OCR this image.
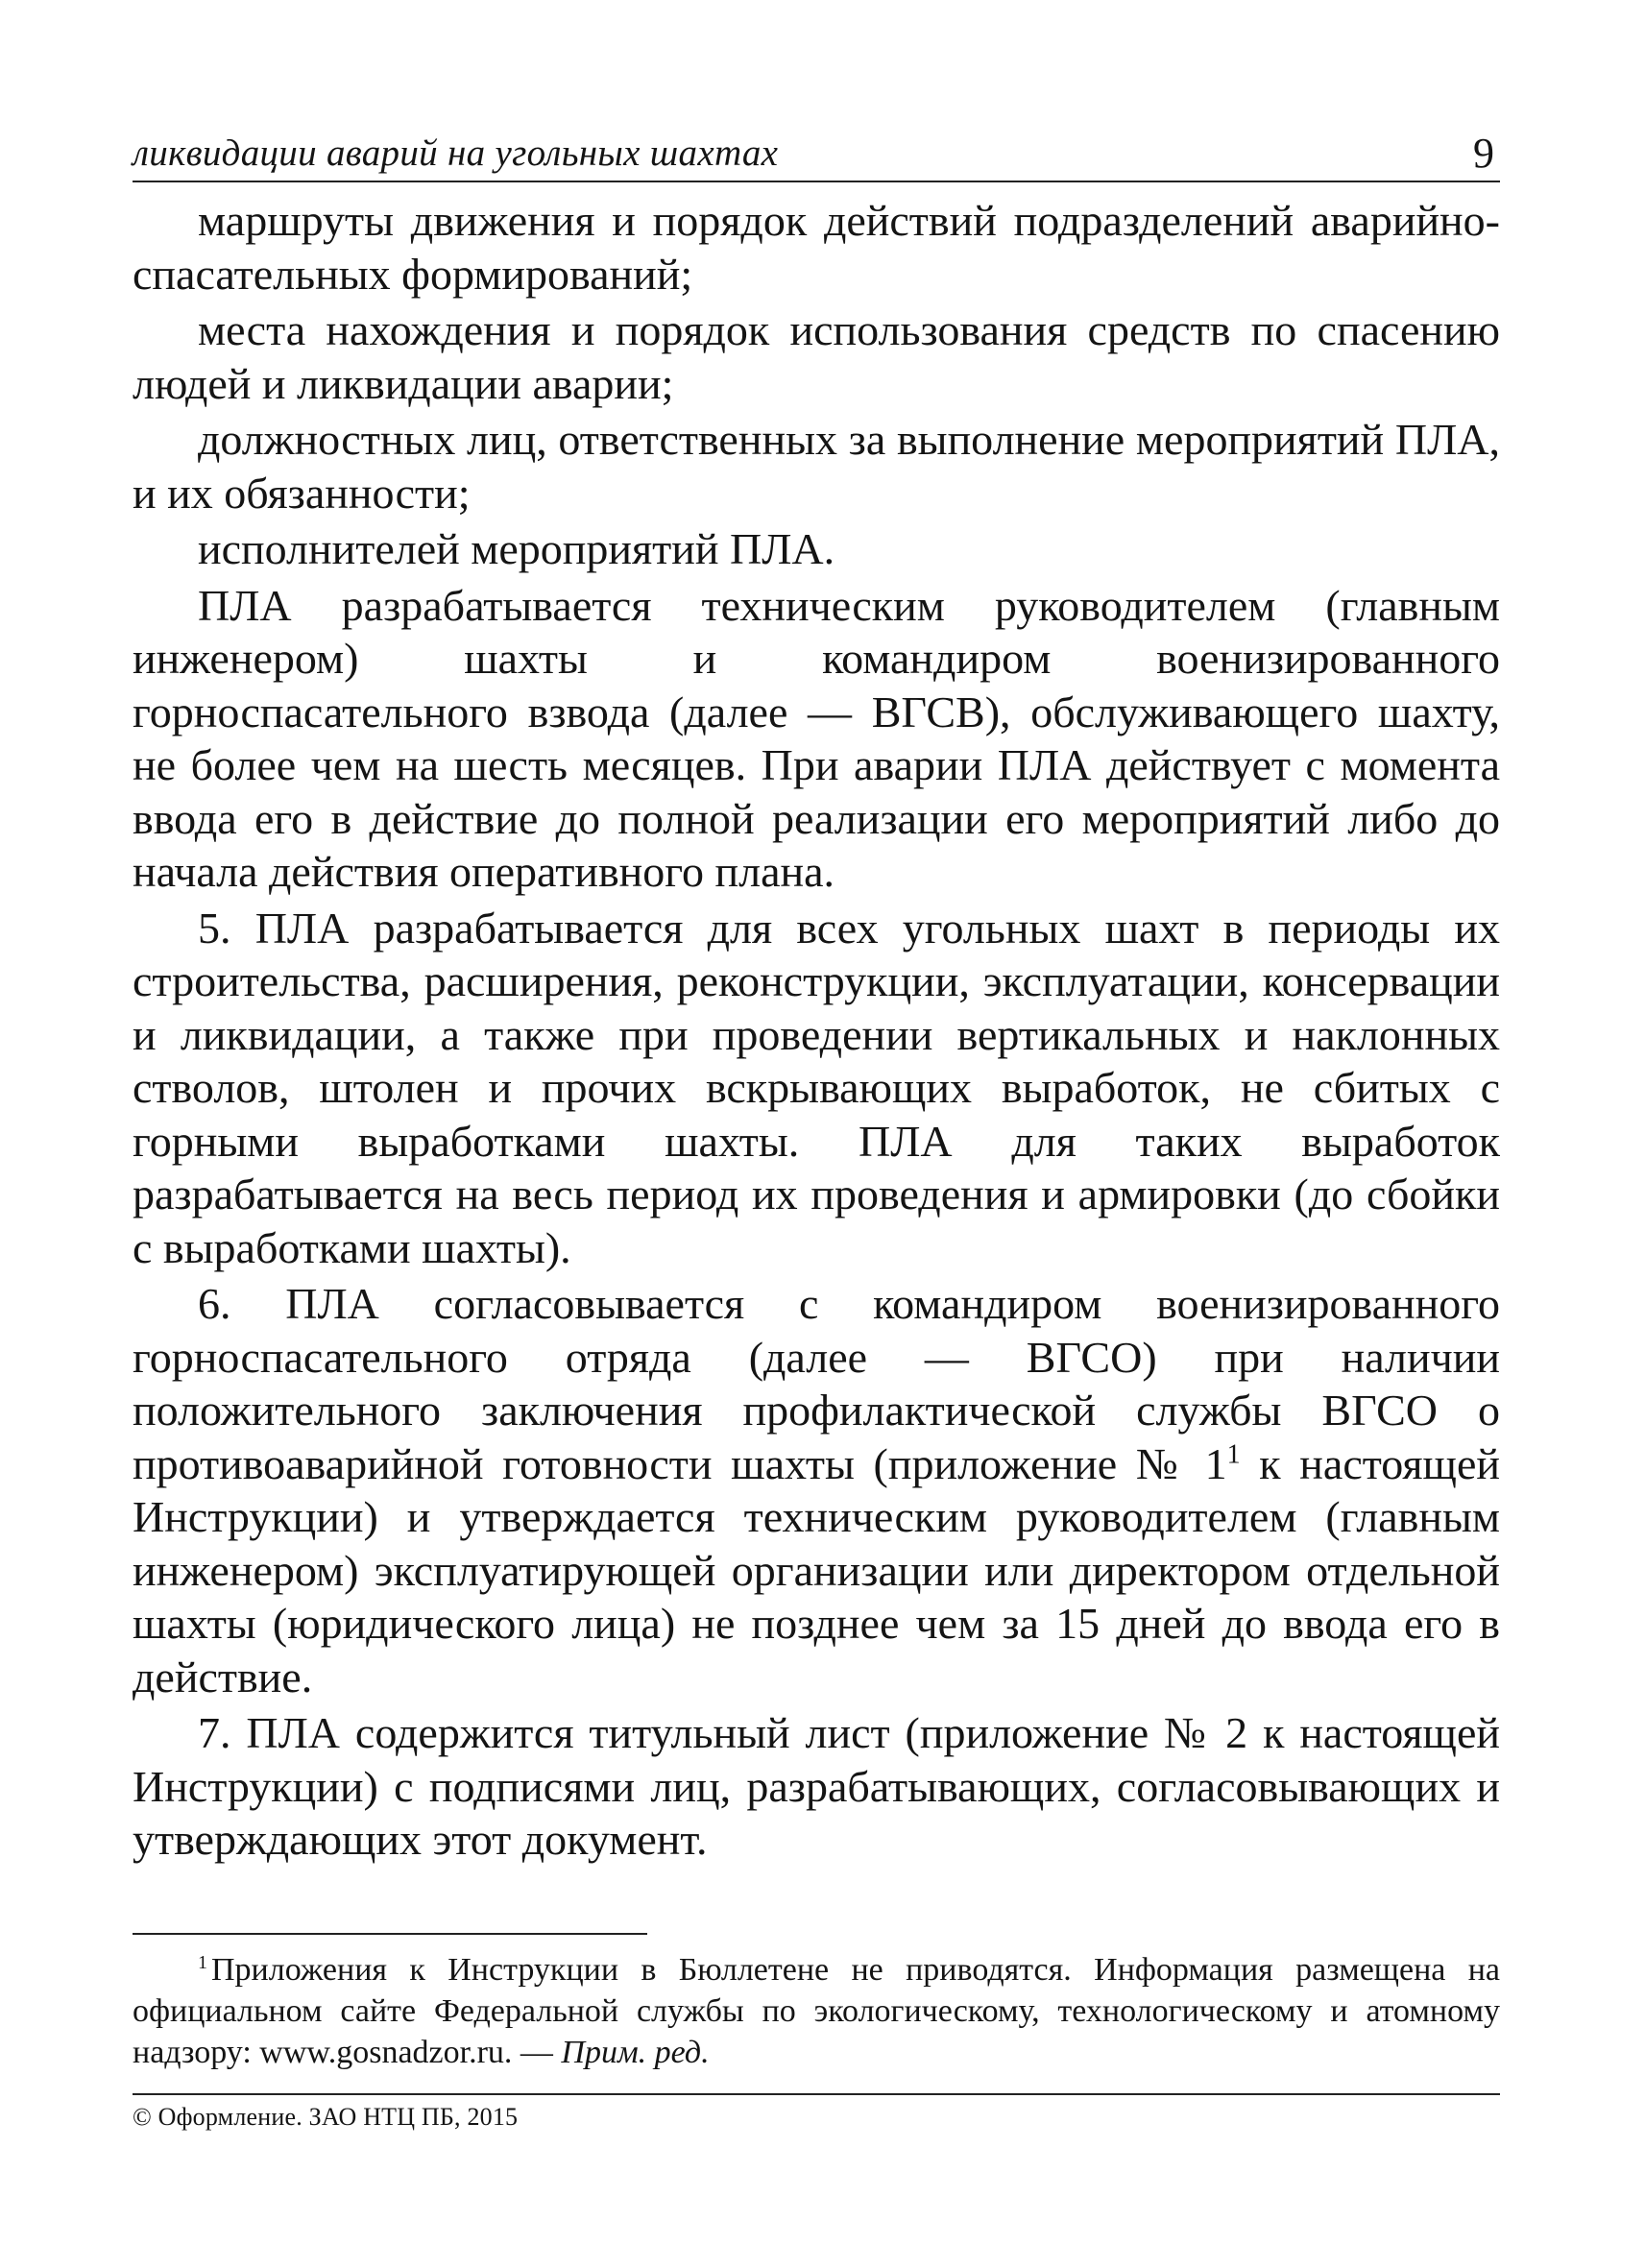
ликвидации аварий на угольных шахтах	9

маршруты движения и порядок действий подразделений аварийно-спасательных формирований;

места нахождения и порядок использования средств по спасению людей и ликвидации аварии;

должностных лиц, ответственных за выполнение мероприятий ПЛА, и их обязанности;

исполнителей мероприятий ПЛА.

ПЛА разрабатывается техническим руководителем (главным инженером) шахты и командиром военизированного горноспасательного взвода (далее — ВГСВ), обслуживающего шахту, не более чем на шесть месяцев. При аварии ПЛА действует с момента ввода его в действие до полной реализации его мероприятий либо до начала действия оперативного плана.

5. ПЛА разрабатывается для всех угольных шахт в периоды их строительства, расширения, реконструкции, эксплуатации, консервации и ликвидации, а также при проведении вертикальных и наклонных стволов, штолен и прочих вскрывающих выработок, не сбитых с горными выработками шахты. ПЛА для таких выработок разрабатывается на весь период их проведения и армировки (до сбойки с выработками шахты).

6. ПЛА согласовывается с командиром военизированного горноспасательного отряда (далее — ВГСО) при наличии положительного заключения профилактической службы ВГСО о противоаварийной готовности шахты (приложение № 1$^1$ к настоящей Инструкции) и утверждается техническим руководителем (главным инженером) эксплуатирующей организации или директором отдельной шахты (юридического лица) не позднее чем за 15 дней до ввода его в действие.

7. ПЛА содержится титульный лист (приложение № 2 к настоящей Инструкции) с подписями лиц, разрабатывающих, согласовывающих и утверждающих этот документ.

$^1$ Приложения к Инструкции в Бюллетене не приводятся. Информация размещена на официальном сайте Федеральной службы по экологическому, технологическому и атомному надзору: www.gosnadzor.ru. — Прим. ред.

© Оформление. ЗАО НТЦ ПБ, 2015
